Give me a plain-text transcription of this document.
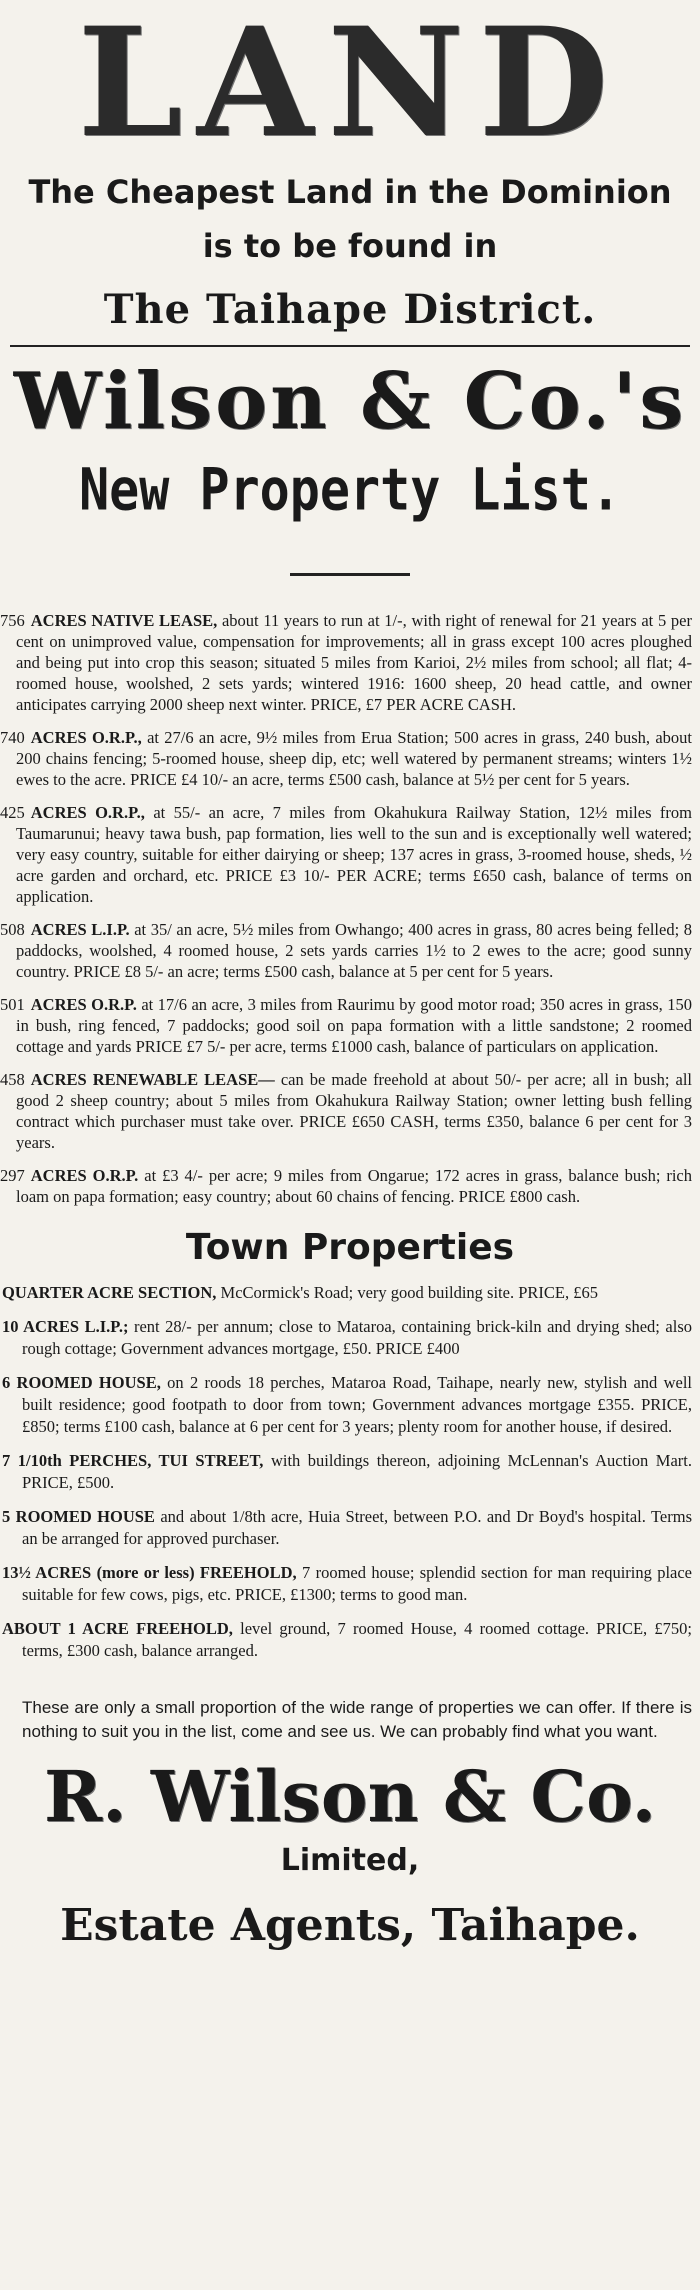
LAND
The Cheapest Land in the Dominion
is to be found in
The Taihape District.
Wilson & Co.'s
New Property List.

756 ACRES NATIVE LEASE, about 11 years to run at 1/-, with right of renewal for 21 years at 5 per cent on unimproved value, compensation for improvements; all in grass except 100 acres ploughed and being put into crop this season; situated 5 miles from Karioi, 2½ miles from school; all flat; 4-roomed house, woolshed, 2 sets yards; wintered 1916: 1600 sheep, 20 head cattle, and owner anticipates carrying 2000 sheep next winter. PRICE, £7 PER ACRE CASH.

740 ACRES O.R.P., at 27/6 an acre, 9½ miles from Erua Station; 500 acres in grass, 240 bush, about 200 chains fencing; 5-roomed house, sheep dip, etc; well watered by permanent streams; winters 1½ ewes to the acre. PRICE £4 10/- an acre, terms £500 cash, balance at 5½ per cent for 5 years.

425 ACRES O.R.P., at 55/- an acre, 7 miles from Okahukura Railway Station, 12½ miles from Taumarunui; heavy tawa bush, pap formation, lies well to the sun and is exceptionally well watered; very easy country, suitable for either dairying or sheep; 137 acres in grass, 3-roomed house, sheds, ½ acre garden and orchard, etc. PRICE £3 10/- PER ACRE; terms £650 cash, balance of terms on application.

508 ACRES L.I.P. at 35/ an acre, 5½ miles from Owhango; 400 acres in grass, 80 acres being felled; 8 paddocks, woolshed, 4 roomed house, 2 sets yards carries 1½ to 2 ewes to the acre; good sunny country. PRICE £8 5/- an acre; terms £500 cash, balance at 5 per cent for 5 years.

501 ACRES O.R.P. at 17/6 an acre, 3 miles from Raurimu by good motor road; 350 acres in grass, 150 in bush, ring fenced, 7 paddocks; good soil on papa formation with a little sandstone; 2 roomed cottage and yards PRICE £7 5/- per acre, terms £1000 cash, balance of particulars on application.

458 ACRES RENEWABLE LEASE— can be made freehold at about 50/- per acre; all in bush; all good 2 sheep country; about 5 miles from Okahukura Railway Station; owner letting bush felling contract which purchaser must take over. PRICE £650 CASH, terms £350, balance 6 per cent for 3 years.

297 ACRES O.R.P. at £3 4/- per acre; 9 miles from Ongarue; 172 acres in grass, balance bush; rich loam on papa formation; easy country; about 60 chains of fencing. PRICE £800 cash.

Town Properties

QUARTER ACRE SECTION, McCormick's Road; very good building site. PRICE, £65

10 ACRES L.I.P.; rent 28/- per annum; close to Mataroa, containing brick-kiln and drying shed; also rough cottage; Government advances mortgage, £50. PRICE £400

6 ROOMED HOUSE, on 2 roods 18 perches, Mataroa Road, Taihape, nearly new, stylish and well built residence; good footpath to door from town; Government advances mortgage £355. PRICE, £850; terms £100 cash, balance at 6 per cent for 3 years; plenty room for another house, if desired.

7 1/10th PERCHES, TUI STREET, with buildings thereon, adjoining McLennan's Auction Mart. PRICE, £500.

5 ROOMED HOUSE and about 1/8th acre, Huia Street, between P.O. and Dr Boyd's hospital. Terms an be arranged for approved purchaser.

13½ ACRES (more or less) FREEHOLD, 7 roomed house; splendid section for man requiring place suitable for few cows, pigs, etc. PRICE, £1300; terms to good man.

ABOUT 1 ACRE FREEHOLD, level ground, 7 roomed House, 4 roomed cottage. PRICE, £750; terms, £300 cash, balance arranged.

These are only a small proportion of the wide range of properties we can offer. If there is nothing to suit you in the list, come and see us. We can probably find what you want.

R. Wilson & Co.
Limited,
Estate Agents, Taihape.
